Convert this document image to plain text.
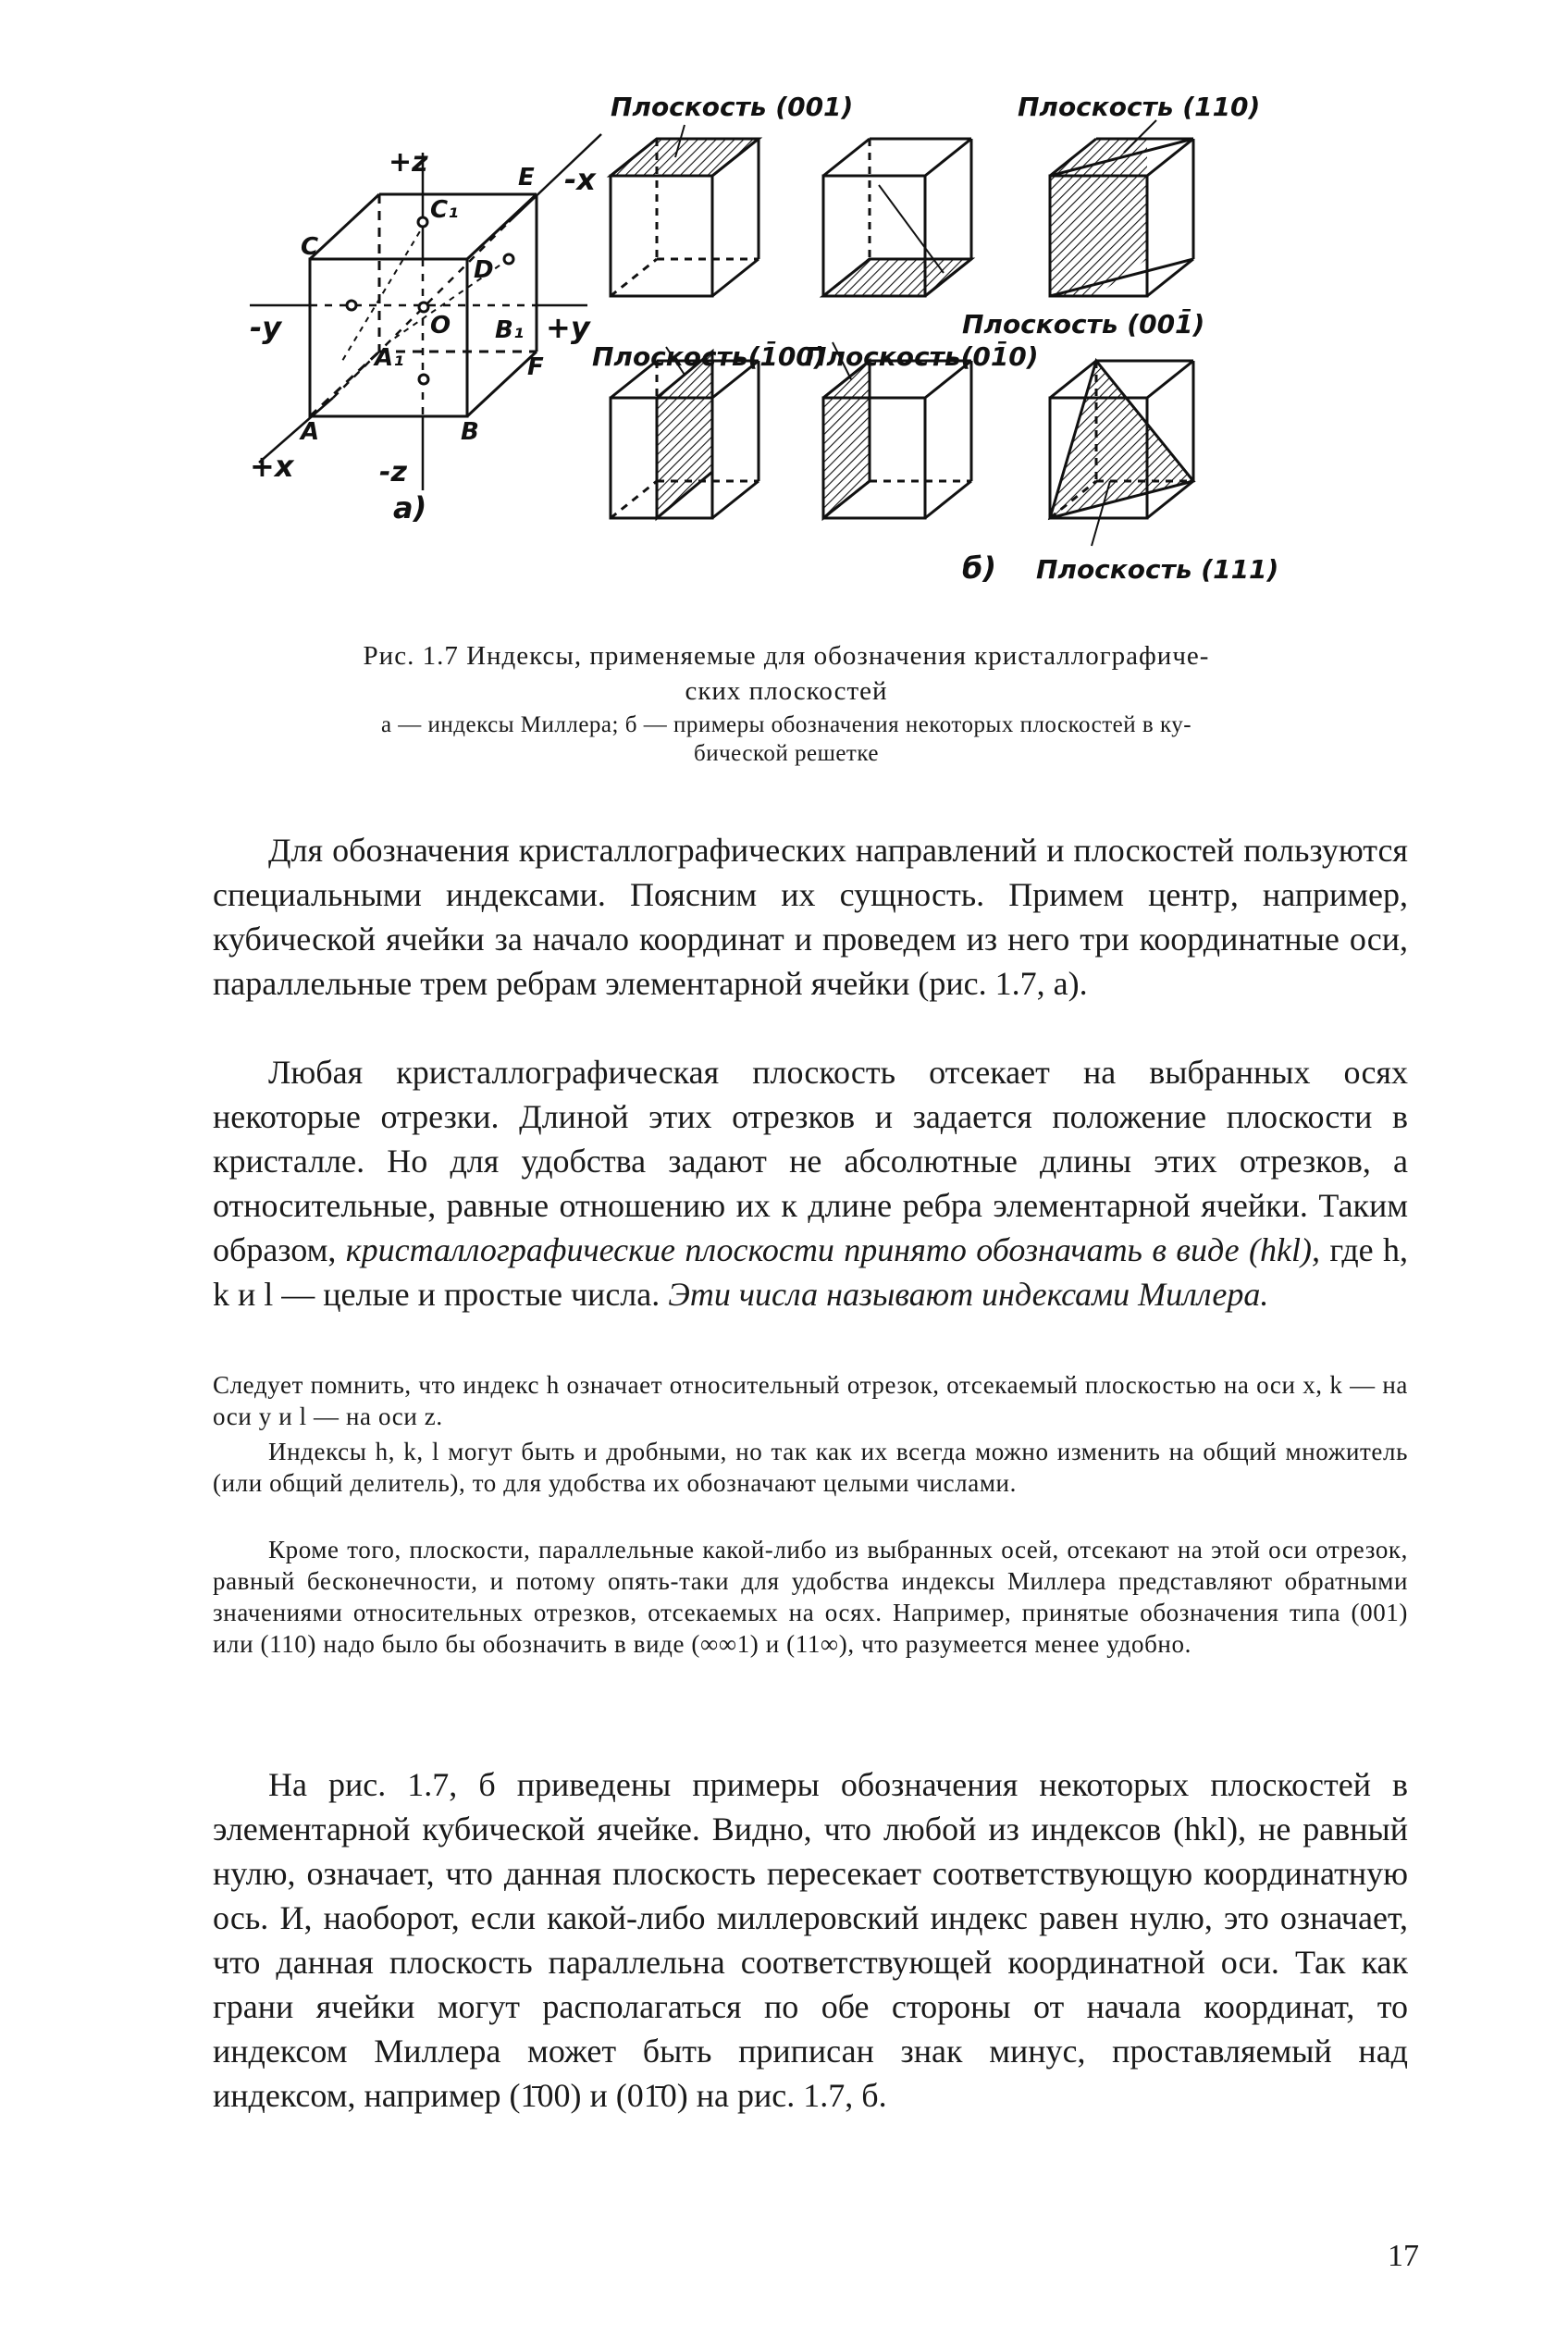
+z
-z
+x
-x
+y
-y
C₁
C
E
D
O B₁
A₁	F
A	B
а)
Плоскость (001)	Плоскость (110)
Плоскость (001̄)
Плоскость(1̄00)
Плоскость(01̄0)
Плоскость (111)
б)
Рис. 1.7 Индексы, применяемые для обозначения кристаллографиче-
ских плоскостей
а — индексы Миллера; б — примеры обозначения некоторых плоскостей в ку-
бической решетке

Для обозначения кристаллографических направлений и плоскостей пользуются специальными индексами. Поясним их сущность. Примем центр, например, кубической ячейки за начало координат и проведем из него три координатные оси, параллельные трем ребрам элементарной ячейки (рис. 1.7, а).

Любая кристаллографическая плоскость отсекает на выбранных осях некоторые отрезки. Длиной этих отрезков и задается положение плоскости в кристалле. Но для удобства задают не абсолютные длины этих отрезков, а относительные, равные отношению их к длине ребра элементарной ячейки. Таким образом, кристаллографические плоскости принято обозначать в виде (hkl), где h, k и l — целые и простые числа. Эти числа называют индексами Миллера.

Следует помнить, что индекс h означает относительный отрезок, отсекаемый плоскостью на оси x, k — на оси y и l — на оси z.

Индексы h, k, l могут быть и дробными, но так как их всегда можно изменить на общий множитель (или общий делитель), то для удобства их обозначают целыми числами.

Кроме того, плоскости, параллельные какой-либо из выбранных осей, отсекают на этой оси отрезок, равный бесконечности, и потому опять-таки для удобства индексы Миллера представляют обратными значениями относительных отрезков, отсекаемых на осях. Например, принятые обозначения типа (001) или (110) надо было бы обозначить в виде (∞∞1) и (11∞), что разумеется менее удобно.

На рис. 1.7, б приведены примеры обозначения некоторых плоскостей в элементарной кубической ячейке. Видно, что любой из индексов (hkl), не равный нулю, означает, что данная плоскость пересекает соответствующую координатную ось. И, наоборот, если какой-либо миллеровский индекс равен нулю, это означает, что данная плоскость параллельна соответствующей координатной оси. Так как грани ячейки могут располагаться по обе стороны от начала координат, то индексом Миллера может быть приписан знак минус, проставляемый над индексом, например (1̄00) и (01̄0) на рис. 1.7, б.

17
